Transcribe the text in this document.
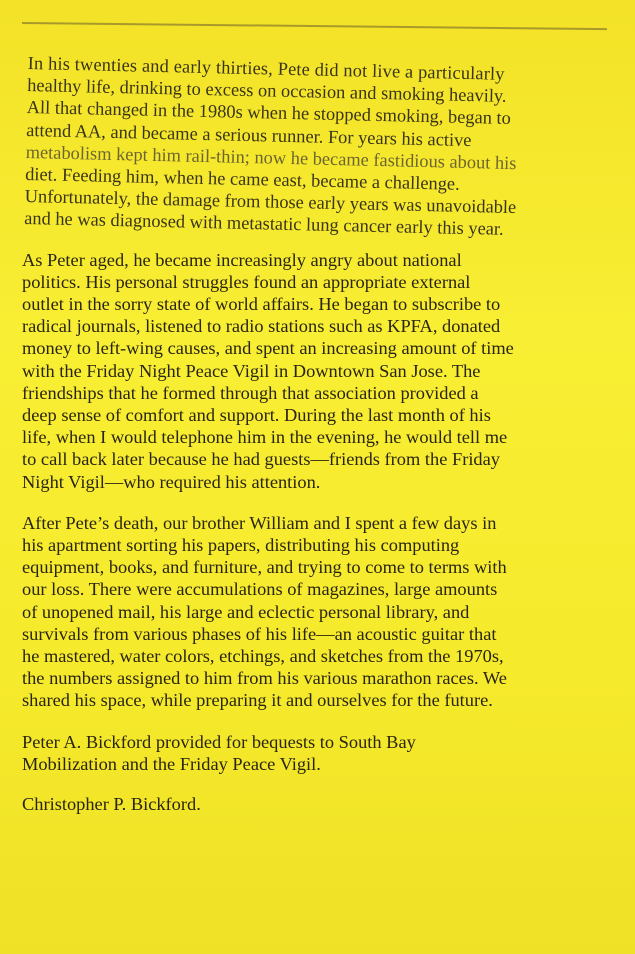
In his twenties and early thirties, Pete did not live a particularly
healthy life, drinking to excess on occasion and smoking heavily.
All that changed in the 1980s when he stopped smoking, began to
attend AA, and became a serious runner. For years his active
metabolism kept him rail-thin; now he became fastidious about his
diet. Feeding him, when he came east, became a challenge.
Unfortunately, the damage from those early years was unavoidable
and he was diagnosed with metastatic lung cancer early this year.
As Peter aged, he became increasingly angry about national
politics. His personal struggles found an appropriate external
outlet in the sorry state of world affairs. He began to subscribe to
radical journals, listened to radio stations such as KPFA, donated
money to left-wing causes, and spent an increasing amount of time
with the Friday Night Peace Vigil in Downtown San Jose. The
friendships that he formed through that association provided a
deep sense of comfort and support. During the last month of his
life, when I would telephone him in the evening, he would tell me
to call back later because he had guests—friends from the Friday
Night Vigil—who required his attention.
After Pete’s death, our brother William and I spent a few days in
his apartment sorting his papers, distributing his computing
equipment, books, and furniture, and trying to come to terms with
our loss. There were accumulations of magazines, large amounts
of unopened mail, his large and eclectic personal library, and
survivals from various phases of his life—an acoustic guitar that
he mastered, water colors, etchings, and sketches from the 1970s,
the numbers assigned to him from his various marathon races. We
shared his space, while preparing it and ourselves for the future.
Peter A. Bickford provided for bequests to South Bay
Mobilization and the Friday Peace Vigil.
Christopher P. Bickford.
